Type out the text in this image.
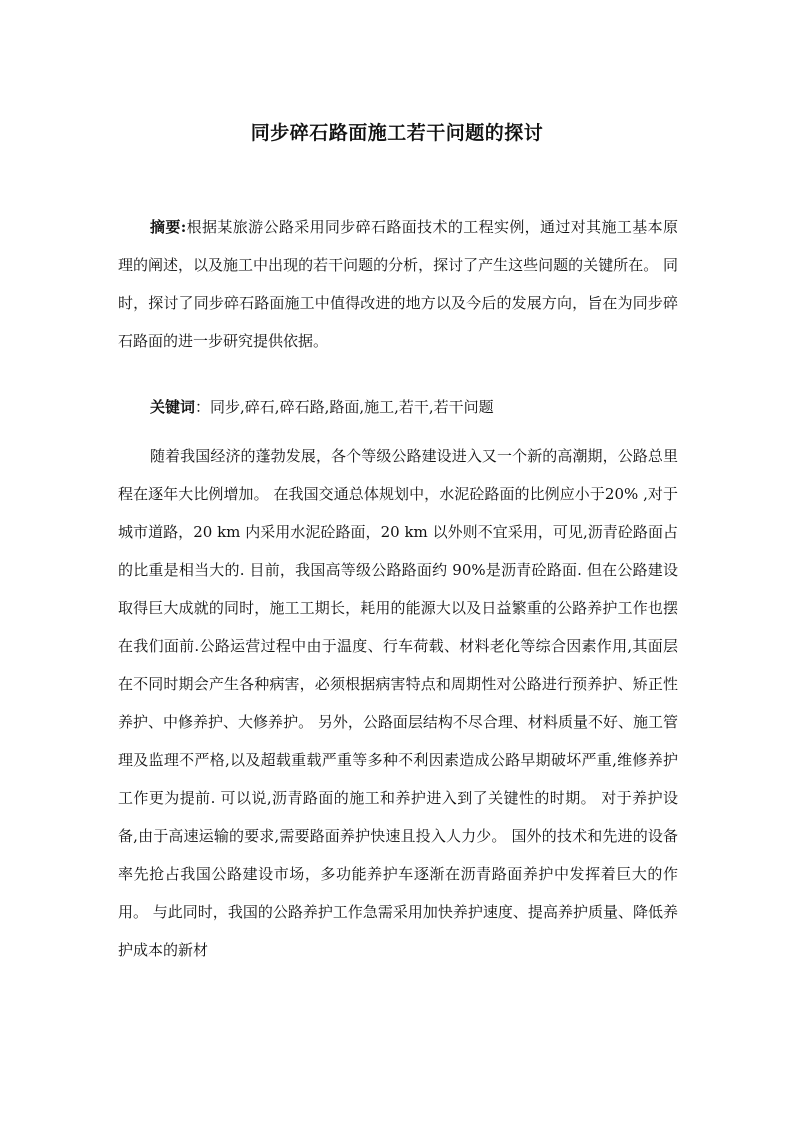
同步碎石路面施工若干问题的探讨

摘要:根据某旅游公路采用同步碎石路面技术的工程实例，通过对其施工基本原理的阐述，以及施工中出现的若干问题的分析，探讨了产生这些问题的关键所在。 同时，探讨了同步碎石路面施工中值得改进的地方以及今后的发展方向，旨在为同步碎石路面的进一步研究提供依据。

关键词：同步,碎石,碎石路,路面,施工,若干,若干问题

随着我国经济的蓬勃发展，各个等级公路建设进入又一个新的高潮期，公路总里程在逐年大比例增加。 在我国交通总体规划中，水泥砼路面的比例应小于20% ,对于城市道路，20 km 内采用水泥砼路面，20 km 以外则不宜采用，可见,沥青砼路面占的比重是相当大的. 目前，我国高等级公路路面约 90%是沥青砼路面. 但在公路建设取得巨大成就的同时，施工工期长，耗用的能源大以及日益繁重的公路养护工作也摆在我们面前.公路运营过程中由于温度、行车荷载、材料老化等综合因素作用,其面层在不同时期会产生各种病害，必须根据病害特点和周期性对公路进行预养护、矫正性养护、中修养护、大修养护。 另外，公路面层结构不尽合理、材料质量不好、施工管理及监理不严格,以及超载重载严重等多种不利因素造成公路早期破坏严重,维修养护工作更为提前. 可以说,沥青路面的施工和养护进入到了关键性的时期。 对于养护设备,由于高速运输的要求,需要路面养护快速且投入人力少。 国外的技术和先进的设备率先抢占我国公路建设市场，多功能养护车逐渐在沥青路面养护中发挥着巨大的作用。 与此同时，我国的公路养护工作急需采用加快养护速度、提高养护质量、降低养护成本的新材
